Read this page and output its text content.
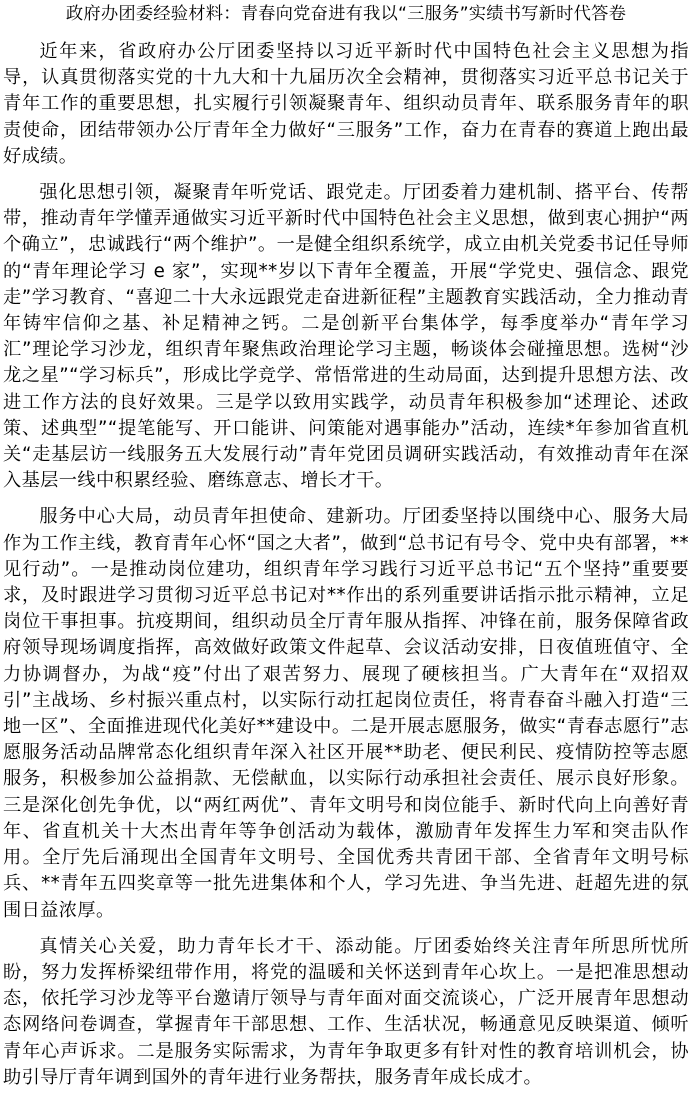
政府办团委经验材料：青春向党奋进有我以“三服务”实绩书写新时代答卷

近年来，省政府办公厅团委坚持以习近平新时代中国特色社会主义思想为指导，认真贯彻落实党的十九大和十九届历次全会精神，贯彻落实习近平总书记关于青年工作的重要思想，扎实履行引领凝聚青年、组织动员青年、联系服务青年的职责使命，团结带领办公厅青年全力做好“三服务”工作，奋力在青春的赛道上跑出最好成绩。

强化思想引领，凝聚青年听党话、跟党走。厅团委着力建机制、搭平台、传帮带，推动青年学懂弄通做实习近平新时代中国特色社会主义思想，做到衷心拥护“两个确立”，忠诚践行“两个维护”。一是健全组织系统学，成立由机关党委书记任导师的“青年理论学习 e 家”，实现**岁以下青年全覆盖，开展“学党史、强信念、跟党走”学习教育、“喜迎二十大永远跟党走奋进新征程”主题教育实践活动，全力推动青年铸牢信仰之基、补足精神之钙。二是创新平台集体学，每季度举办“青年学习汇”理论学习沙龙，组织青年聚焦政治理论学习主题，畅谈体会碰撞思想。选树“沙龙之星”“学习标兵”，形成比学竞学、常悟常进的生动局面，达到提升思想方法、改进工作方法的良好效果。三是学以致用实践学，动员青年积极参加“述理论、述政策、述典型”“提笔能写、开口能讲、问策能对遇事能办”活动，连续*年参加省直机关“走基层访一线服务五大发展行动”青年党团员调研实践活动，有效推动青年在深入基层一线中积累经验、磨练意志、增长才干。

服务中心大局，动员青年担使命、建新功。厅团委坚持以围绕中心、服务大局作为工作主线，教育青年心怀“国之大者”，做到“总书记有号令、党中央有部署，**见行动”。一是推动岗位建功，组织青年学习践行习近平总书记“五个坚持”重要要求，及时跟进学习贯彻习近平总书记对**作出的系列重要讲话指示批示精神，立足岗位干事担事。抗疫期间，组织动员全厅青年服从指挥、冲锋在前，服务保障省政府领导现场调度指挥，高效做好政策文件起草、会议活动安排，日夜值班值守、全力协调督办，为战“疫”付出了艰苦努力、展现了硬核担当。广大青年在“双招双引”主战场、乡村振兴重点村，以实际行动扛起岗位责任，将青春奋斗融入打造“三地一区”、全面推进现代化美好**建设中。二是开展志愿服务，做实“青春志愿行”志愿服务活动品牌常态化组织青年深入社区开展**助老、便民利民、疫情防控等志愿服务，积极参加公益捐款、无偿献血，以实际行动承担社会责任、展示良好形象。三是深化创先争优，以“两红两优”、青年文明号和岗位能手、新时代向上向善好青年、省直机关十大杰出青年等争创活动为载体，激励青年发挥生力军和突击队作用。全厅先后涌现出全国青年文明号、全国优秀共青团干部、全省青年文明号标兵、**青年五四奖章等一批先进集体和个人，学习先进、争当先进、赶超先进的氛围日益浓厚。

真情关心关爱，助力青年长才干、添动能。厅团委始终关注青年所思所忧所盼，努力发挥桥梁纽带作用，将党的温暖和关怀送到青年心坎上。一是把准思想动态，依托学习沙龙等平台邀请厅领导与青年面对面交流谈心，广泛开展青年思想动态网络问卷调查，掌握青年干部思想、工作、生活状况，畅通意见反映渠道、倾听青年心声诉求。二是服务实际需求，为青年争取更多有针对性的教育培训机会，协助引导厅青年调到国外的青年进行业务帮扶，服务青年成长成才。
